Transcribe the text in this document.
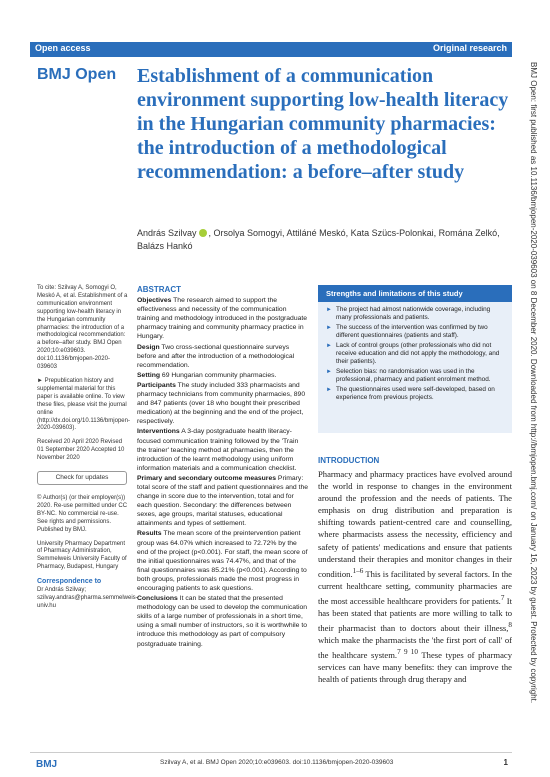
Open access	Original research
BMJ Open: first published as 10.1136/bmjopen-2020-039603 on 8 December 2020. Downloaded from http://bmjopen.bmj.com/ on January 16, 2023 by guest. Protected by copyright.
BMJ Open Establishment of a communication environment supporting low-health literacy in the Hungarian community pharmacies: the introduction of a methodological recommendation: a before–after study
András Szilvay , Orsolya Somogyi, Attiláné Meskó, Kata Szücs-Polonkai, Romána Zelkó, Balázs Hankó

To cite: Szilvay A, Somogyi O, Meskó A, et al. Establishment of a communication environment supporting low-health literacy in the Hungarian community pharmacies: the introduction of a methodological recommendation: a before–after study. BMJ Open 2020;10:e039603. doi:10.1136/bmjopen-2020-039603

► Prepublication history and supplemental material for this paper is available online. To view these files, please visit the journal online (http://dx.doi.org/10.1136/bmjopen-2020-039603).

Received 20 April 2020 Revised 01 September 2020 Accepted 10 November 2020

Check for updates

© Author(s) (or their employer(s)) 2020. Re-use permitted under CC BY-NC. No commercial re-use. See rights and permissions. Published by BMJ.

University Pharmacy Department of Pharmacy Administration, Semmelweis University Faculty of Pharmacy, Budapest, Hungary

Correspondence to

Dr András Szilvay; szilvay.andras@pharma.semmelweis-univ.hu

ABSTRACT

Objectives The research aimed to support the effectiveness and necessity of the communication training and methodology introduced in the postgraduate pharmacy training and community pharmacy practice in Hungary.

Design Two cross-sectional questionnaire surveys before and after the introduction of a methodological recommendation.

Setting 69 Hungarian community pharmacies.

Participants The study included 333 pharmacists and pharmacy technicians from community pharmacies, 890 and 847 patients (over 18 who bought their prescribed medication) at the beginning and the end of the project, respectively.

Interventions A 3-day postgraduate health literacy-focused communication training followed by the 'Train the trainer' teaching method at pharmacies, then the introduction of the learnt methodology using uniform information materials and a communication checklist.

Primary and secondary outcome measures Primary: total score of the staff and patient questionnaires and the change in score due to the intervention, total and for each question. Secondary: the differences between sexes, age groups, marital statuses, educational attainments and types of settlement.

Results The mean score of the preintervention patient group was 64.07% which increased to 72.72% by the end of the project (p<0.001). For staff, the mean score of the initial questionnaires was 74.47%, and that of the final questionnaires was 85.21% (p<0.001). According to both groups, professionals made the most progress in encouraging patients to ask questions.

Conclusions It can be stated that the presented methodology can be used to develop the communication skills of a large number of professionals in a short time, using a small number of instructors, so it is worthwhile to introduce this methodology as part of compulsory postgraduate training.

Strengths and limitations of this study
► The project had almost nationwide coverage, including many professionals and patients.
► The success of the intervention was confirmed by two different questionnaires (patients and staff).
► Lack of control groups (other professionals who did not receive education and did not apply the methodology, and their patients).
► Selection bias: no randomisation was used in the professional, pharmacy and patient enrolment method.
► The questionnaires used were self-developed, based on experience from previous projects.
INTRODUCTION

Pharmacy and pharmacy practices have evolved around the world in response to changes in the environment around the profession and the needs of patients. The emphasis on drug distribution and preparation is shifting towards patient-centred care and counselling, where pharmacists assess the necessity, efficiency and safety of patients' medications and ensure that patients understand their therapies and monitor changes in their condition.$^{1-6}$ This is facilitated by several factors. In the current healthcare setting, community pharmacies are the most accessible healthcare providers for patients.$^7$ It has been stated that patients are more willing to talk to their pharmacist than to doctors about their illness,$^8$ which make the pharmacists the 'the first port of call' of the healthcare system.$^{7 9 10}$ These types of pharmacy services can have many benefits: they can improve the health of patients through drug therapy and

BMJ	Szilvay A, et al. BMJ Open 2020;10:e039603. doi:10.1136/bmjopen-2020-039603	1
